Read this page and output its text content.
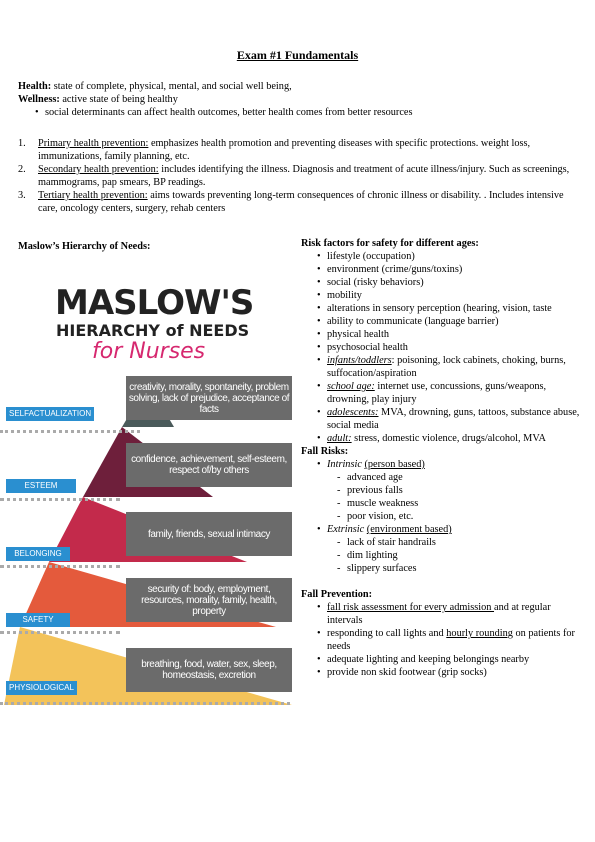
Exam #1 Fundamentals
Health: state of complete, physical, mental, and social well being,
Wellness: active state of being healthy
• social determinants can affect health outcomes, better health comes from better resources
1. Primary health prevention: emphasizes health promotion and preventing diseases with specific protections. weight loss, immunizations, family planning, etc.
2. Secondary health prevention: includes identifying the illness. Diagnosis and treatment of acute illness/injury. Such as screenings, mammograms, pap smears, BP readings.
3. Tertiary health prevention: aims towards preventing long-term consequences of chronic illness or disability. . Includes intensive care, oncology centers, surgery, rehab centers
Maslow’s Hierarchy of Needs:
MASLOW'S
HIERARCHY of NEEDS
for Nurses
SELFACTUALIZATION
ESTEEM
BELONGING
SAFETY
PHYSIOLOGICAL
creativity, morality, spontaneity, problem solving, lack of prejudice, acceptance of facts
confidence, achievement, self-esteem, respect of/by others
family, friends, sexual intimacy
security of: body, employment, resources, morality, family, health, property
breathing, food, water, sex, sleep, homeostasis, excretion
Risk factors for safety for different ages:
• lifestyle (occupation)
• environment (crime/guns/toxins)
• social (risky behaviors)
• mobility
• alterations in sensory perception (hearing, vision, taste
• ability to communicate (language barrier)
• physical health
• psychosocial health
• infants/toddlers: poisoning, lock cabinets, choking, burns, suffocation/aspiration
• school age: internet use, concussions, guns/weapons, drowning, play injury
• adolescents: MVA, drowning, guns, tattoos, substance abuse, social media
• adult: stress, domestic violence, drugs/alcohol, MVA
Fall Risks:
• Intrinsic (person based)
- advanced age
- previous falls
- muscle weakness
- poor vision, etc.
• Extrinsic (environment based)
- lack of stair handrails
- dim lighting
- slippery surfaces
Fall Prevention:
• fall risk assessment for every admission and at regular intervals
• responding to call lights and hourly rounding on patients for needs
• adequate lighting and keeping belongings nearby
• provide non skid footwear (grip socks)
